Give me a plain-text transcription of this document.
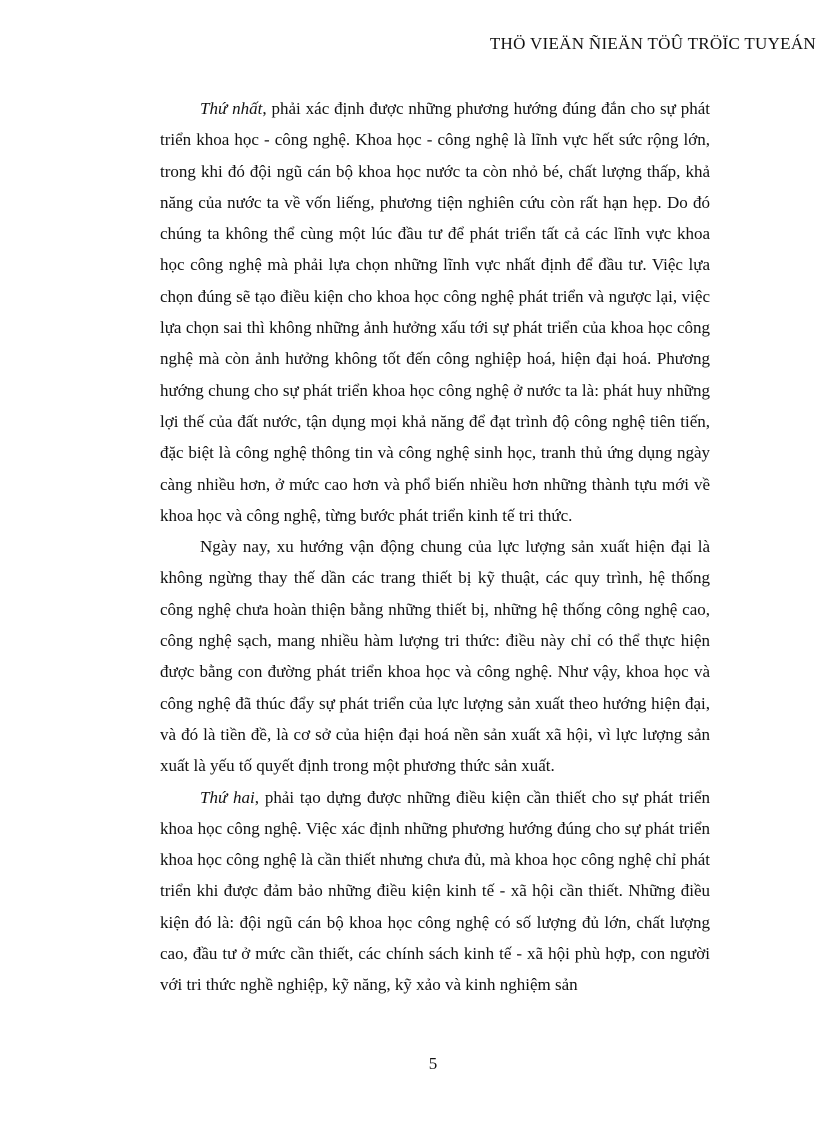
THÖ VIEÄN ÑIEÄN TÖÛ TRÖÏC TUYEÁN

Thứ nhất, phải xác định được những phương hướng đúng đắn cho sự phát triển khoa học - công nghệ. Khoa học - công nghệ là lĩnh vực hết sức rộng lớn, trong khi đó đội ngũ cán bộ khoa học nước ta còn nhỏ bé, chất lượng thấp, khả năng của nước ta về vốn liếng, phương tiện nghiên cứu còn rất hạn hẹp. Do đó chúng ta không thể cùng một lúc đầu tư để phát triển tất cả các lĩnh vực khoa học công nghệ mà phải lựa chọn những lĩnh vực nhất định để đầu tư. Việc lựa chọn đúng sẽ tạo điều kiện cho khoa học công nghệ phát triển và ngược lại, việc lựa chọn sai thì không những ảnh hưởng xấu tới sự phát triển của khoa học công nghệ mà còn ảnh hưởng không tốt đến công nghiệp hoá, hiện đại hoá. Phương hướng chung cho sự phát triển khoa học công nghệ ở nước ta là: phát huy những lợi thế của đất nước, tận dụng mọi khả năng để đạt trình độ công nghệ tiên tiến, đặc biệt là công nghệ thông tin và công nghệ sinh học, tranh thủ ứng dụng ngày càng nhiều hơn, ở mức cao hơn và phổ biến nhiều hơn những thành tựu mới về khoa học và công nghệ, từng bước phát triển kinh tế tri thức.

Ngày nay, xu hướng vận động chung của lực lượng sản xuất hiện đại là không ngừng thay thế dần các trang thiết bị kỹ thuật, các quy trình, hệ thống công nghệ chưa hoàn thiện bằng những thiết bị, những hệ thống công nghệ cao, công nghệ sạch, mang nhiều hàm lượng tri thức: điều này chỉ có thể thực hiện được bằng con đường phát triển khoa học và công nghệ. Như vậy, khoa học và công nghệ đã thúc đẩy sự phát triển của lực lượng sản xuất theo hướng hiện đại, và đó là tiền đề, là cơ sở của hiện đại hoá nền sản xuất xã hội, vì lực lượng sản xuất là yếu tố quyết định trong một phương thức sản xuất.

Thứ hai, phải tạo dựng được những điều kiện cần thiết cho sự phát triển khoa học công nghệ. Việc xác định những phương hướng đúng cho sự phát triển khoa học công nghệ là cần thiết nhưng chưa đủ, mà khoa học công nghệ chỉ phát triển khi được đảm bảo những điều kiện kinh tế - xã hội cần thiết. Những điều kiện đó là: đội ngũ cán bộ khoa học công nghệ có số lượng đủ lớn, chất lượng cao, đầu tư ở mức cần thiết, các chính sách kinh tế - xã hội phù hợp, con người với tri thức nghề nghiệp, kỹ năng, kỹ xảo và kinh nghiệm sản

5
